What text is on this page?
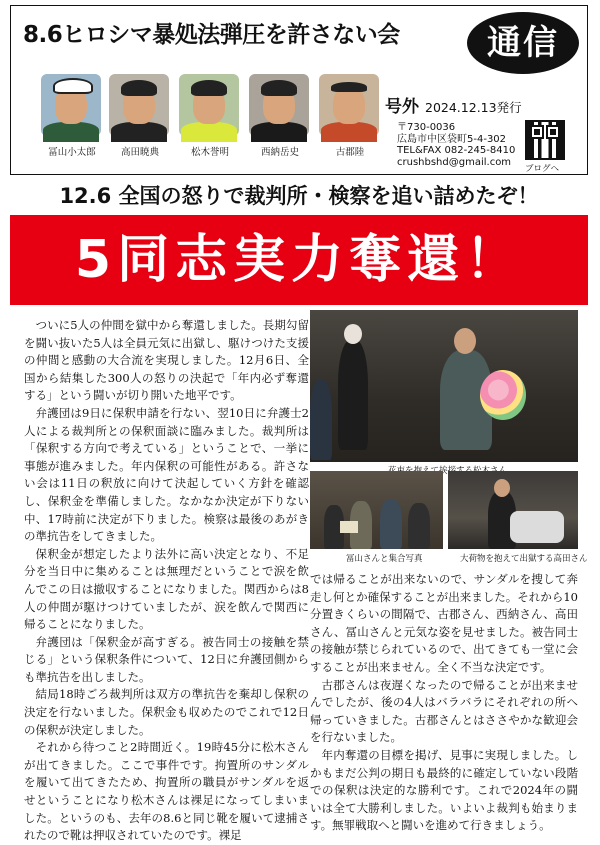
8.6ヒロシマ暴処法弾圧を許さない会	通信
冨山小太郎	高田暁典	松木誉明	西納岳史	古郡陸
号外 2024.12.13発行
〒730-0036
広島市中区袋町5-4-302
TEL&FAX 082-245-8410
crushbshd@gmail.com
ブログへ
12.6 全国の怒りで裁判所・検察を追い詰めたぞ！
5同志実力奪還！

ついに5人の仲間を獄中から奪還しました。長期勾留を闘い抜いた5人は全員元気に出獄し、駆けつけた支援の仲間と感動の大合流を実現しました。12月6日、全国から結集した300人の怒りの決起で「年内必ず奪還する」という闘いが切り開いた地平です。

弁護団は9日に保釈申請を行ない、翌10日に弁護士2人による裁判所との保釈面談に臨みました。裁判所は「保釈する方向で考えている」ということで、一挙に事態が進みました。年内保釈の可能性がある。許さない会は11日の釈放に向けて決起していく方針を確認し、保釈金を準備しました。なかなか決定が下りない中、17時前に決定が下りました。検察は最後のあがきの準抗告をしてきました。

保釈金が想定したより法外に高い決定となり、不足分を当日中に集めることは無理だということで涙を飲んでこの日は撤収することになりました。関西からは8人の仲間が駆けつけていましたが、涙を飲んで関西に帰ることになりました。

弁護団は「保釈金が高すぎる。被告同士の接触を禁じる」という保釈条件について、12日に弁護団側からも準抗告を出しました。

結局18時ごろ裁判所は双方の準抗告を棄却し保釈の決定を行ないました。保釈金も収めたのでこれで12日の保釈が決定しました。

それから待つこと2時間近く。19時45分に松木さんが出てきました。ここで事件です。拘置所のサンダルを履いて出てきたため、拘置所の職員がサンダルを返せということになり松木さんは裸足になってしまいました。というのも、去年の8.6と同じ靴を履いて逮捕されたので靴は押収されていたのです。裸足

冨山さんと集合写真	大荷物を抱えて出獄する高田さん

では帰ることが出来ないので、サンダルを捜して奔走し何とか確保することが出来ました。それから10分置きくらいの間隔で、古郡さん、西納さん、高田さん、冨山さんと元気な姿を見せました。被告同士の接触が禁じられているので、出てきても一堂に会することが出来ません。全く不当な決定です。

古郡さんは夜遅くなったので帰ることが出来ませんでしたが、後の4人はバラバラにそれぞれの所へ帰っていきました。古郡さんとはささやかな歓迎会を行ないました。

年内奪還の目標を掲げ、見事に実現しました。しかもまだ公判の期日も最終的に確定していない段階での保釈は決定的な勝利です。これで2024年の闘いは全て大勝利しました。いよいよ裁判も始まります。無罪戦取へと闘いを進めて行きましょう。
